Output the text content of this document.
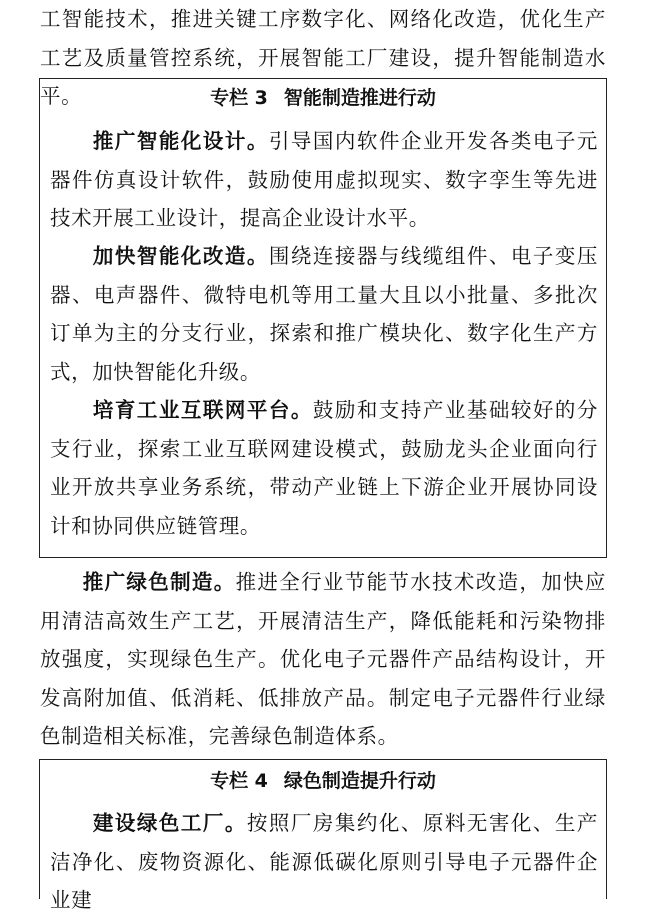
工智能技术，推进关键工序数字化、网络化改造，优化生产工艺及质量管控系统，开展智能工厂建设，提升智能制造水平。	专栏 3 智能制造推进行动

推广智能化设计。引导国内软件企业开发各类电子元器件仿真设计软件，鼓励使用虚拟现实、数字孪生等先进技术开展工业设计，提高企业设计水平。

加快智能化改造。围绕连接器与线缆组件、电子变压器、电声器件、微特电机等用工量大且以小批量、多批次订单为主的分支行业，探索和推广模块化、数字化生产方式，加快智能化升级。

培育工业互联网平台。鼓励和支持产业基础较好的分支行业，探索工业互联网建设模式，鼓励龙头企业面向行业开放共享业务系统，带动产业链上下游企业开展协同设计和协同供应链管理。

推广绿色制造。推进全行业节能节水技术改造，加快应用清洁高效生产工艺，开展清洁生产，降低能耗和污染物排放强度，实现绿色生产。优化电子元器件产品结构设计，开发高附加值、低消耗、低排放产品。制定电子元器件行业绿色制造相关标准，完善绿色制造体系。

专栏 4 绿色制造提升行动

建设绿色工厂。按照厂房集约化、原料无害化、生产洁净化、废物资源化、能源低碳化原则引导电子元器件企业建
